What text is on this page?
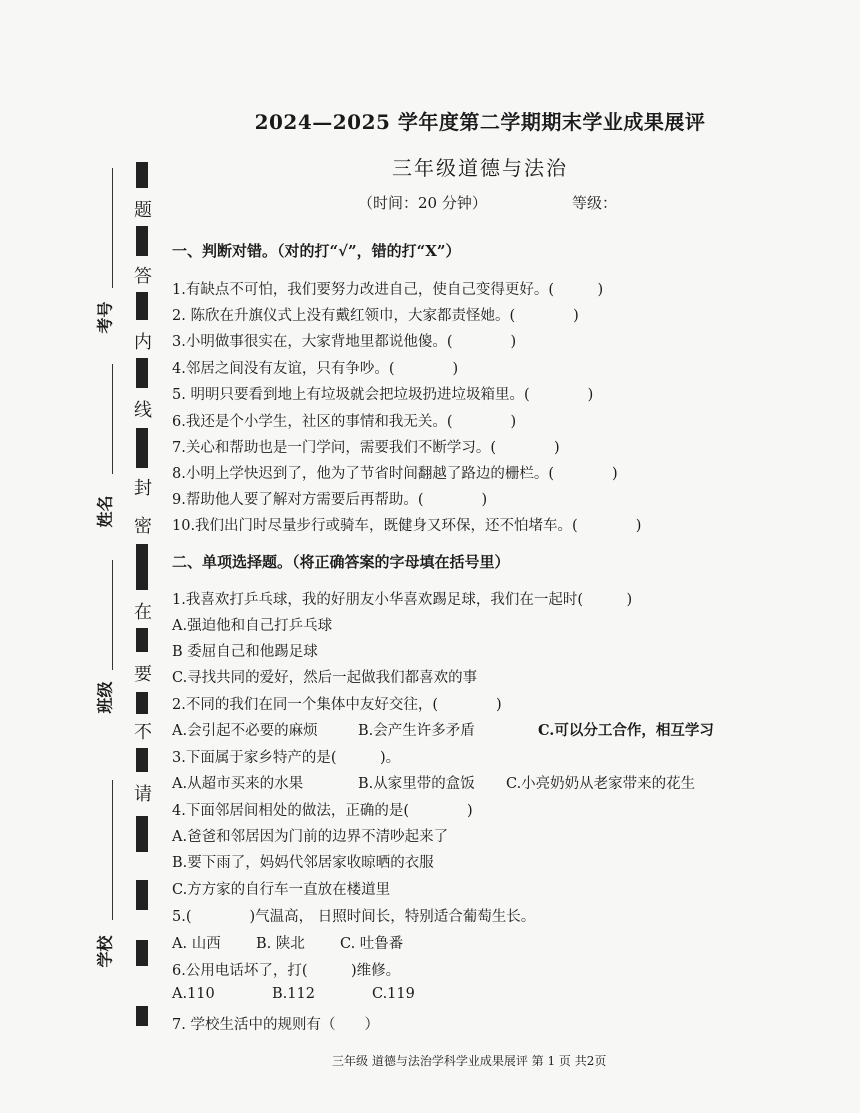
2024—2025 学年度第二学期期末学业成果展评
三年级道德与法治
（时间：20 分钟）	等级：
题
答
内
线
封
密
在
要
不
请
考号
姓名
班级
学校
一、判断对错。（对的打“√”，错的打“X”）
1.有缺点不可怕，我们要努力改进自己，使自己变得更好。(　　　)
2. 陈欣在升旗仪式上没有戴红领巾，大家都责怪她。(　　　　)
3.小明做事很实在，大家背地里都说他傻。(　　　　)
4.邻居之间没有友谊，只有争吵。(　　　　)
5. 明明只要看到地上有垃圾就会把垃圾扔进垃圾箱里。(　　　　)
6.我还是个小学生，社区的事情和我无关。(　　　　)
7.关心和帮助也是一门学问，需要我们不断学习。(　　　　)
8.小明上学快迟到了，他为了节省时间翻越了路边的栅栏。(　　　　)
9.帮助他人要了解对方需要后再帮助。(　　　　)
10.我们出门时尽量步行或骑车，既健身又环保，还不怕堵车。(　　　　)
二、单项选择题。（将正确答案的字母填在括号里）
1.我喜欢打乒乓球，我的好朋友小华喜欢踢足球，我们在一起时(　　　)
A.强迫他和自己打乒乓球
B 委屈自己和他踢足球
C.寻找共同的爱好，然后一起做我们都喜欢的事
2.不同的我们在同一个集体中友好交往，(　　　　)
A.会引起不必要的麻烦	B.会产生许多矛盾	C.可以分工合作，相互学习
3.下面属于家乡特产的是(　　　)。
A.从超市买来的水果	B.从家里带的盒饭 C.小亮奶奶从老家带来的花生
4.下面邻居间相处的做法，正确的是(　　　　)
A.爸爸和邻居因为门前的边界不清吵起来了
B.要下雨了，妈妈代邻居家收晾晒的衣服
C.方方家的自行车一直放在楼道里
5.(　　　　)气温高， 日照时间长，特别适合葡萄生长。
A. 山西 B. 陕北 C. 吐鲁番
6.公用电话坏了，打(　　　)维修。
A.110	B.112	C.119
7. 学校生活中的规则有（　　）
三年级 道德与法治学科学业成果展评 第 1 页 共2页
